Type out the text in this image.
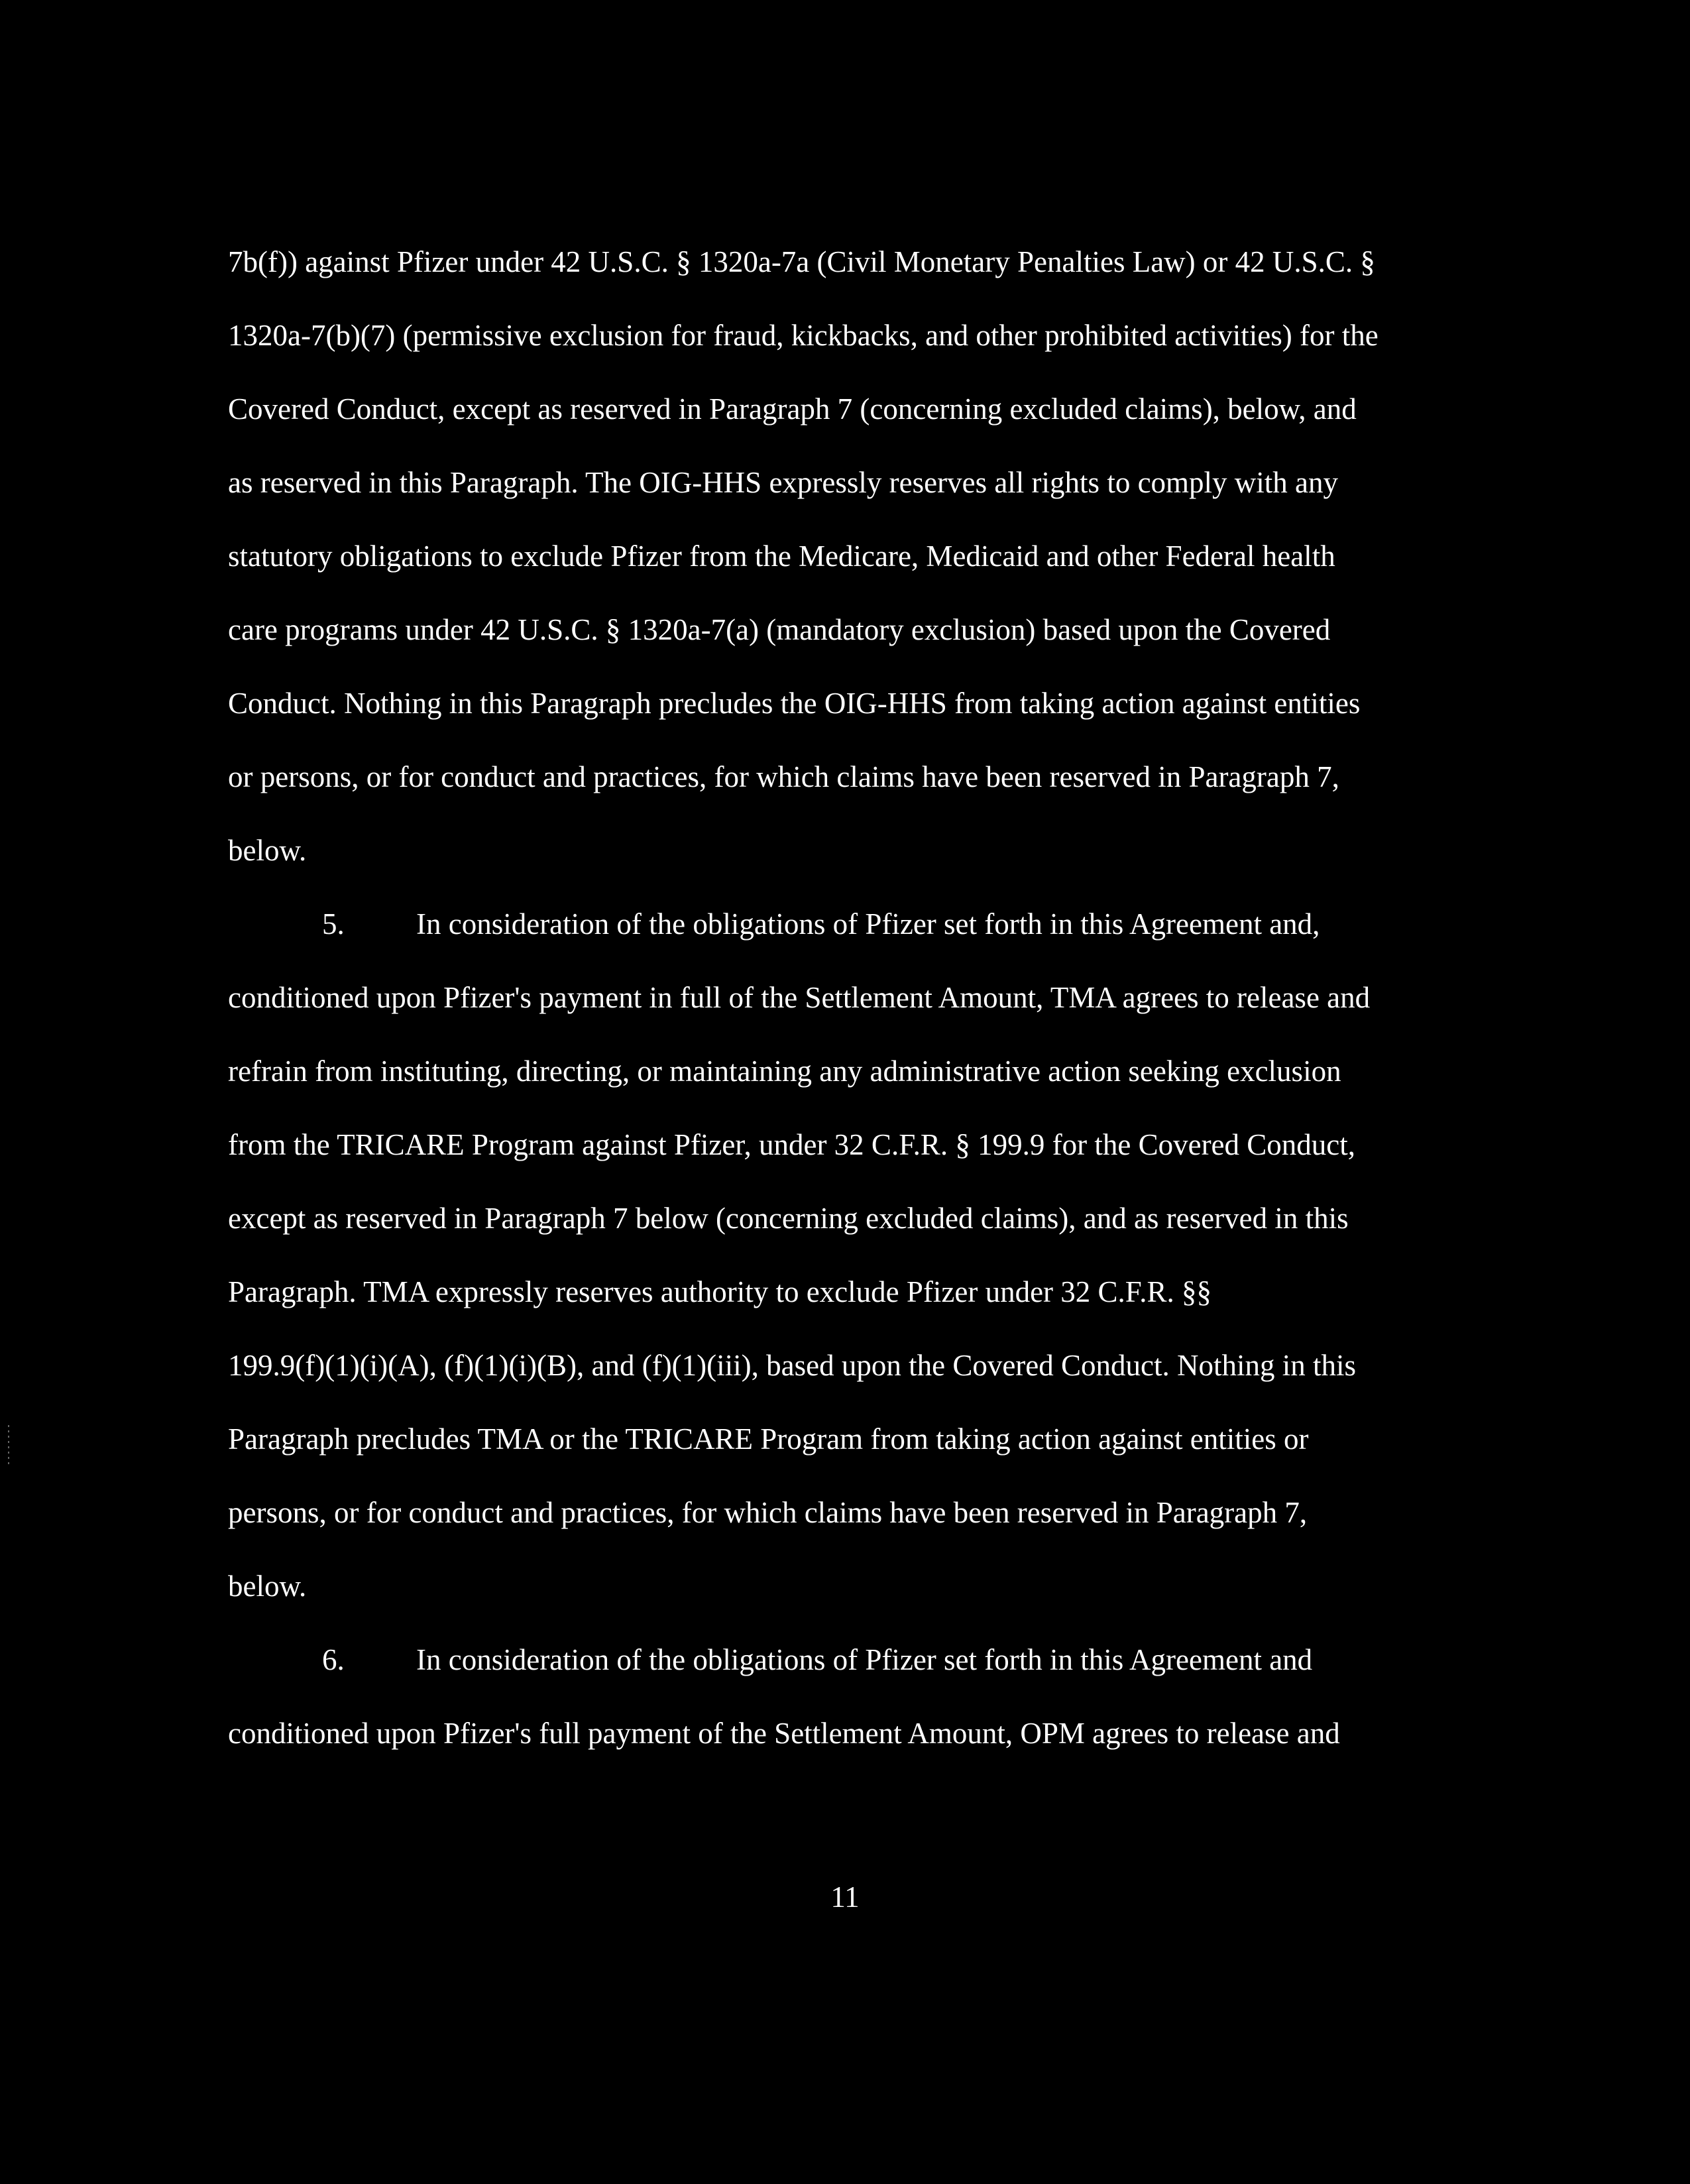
7b(f)) against Pfizer under 42 U.S.C. § 1320a-7a (Civil Monetary Penalties Law) or 42 U.S.C. §
1320a-7(b)(7) (permissive exclusion for fraud, kickbacks, and other prohibited activities) for the
Covered Conduct, except as reserved in Paragraph 7 (concerning excluded claims), below, and
as reserved in this Paragraph. The OIG-HHS expressly reserves all rights to comply with any
statutory obligations to exclude Pfizer from the Medicare, Medicaid and other Federal health
care programs under 42 U.S.C. § 1320a-7(a) (mandatory exclusion) based upon the Covered
Conduct. Nothing in this Paragraph precludes the OIG-HHS from taking action against entities
or persons, or for conduct and practices, for which claims have been reserved in Paragraph 7,
below.
5. In consideration of the obligations of Pfizer set forth in this Agreement and,
conditioned upon Pfizer's payment in full of the Settlement Amount, TMA agrees to release and
refrain from instituting, directing, or maintaining any administrative action seeking exclusion
from the TRICARE Program against Pfizer, under 32 C.F.R. § 199.9 for the Covered Conduct,
except as reserved in Paragraph 7 below (concerning excluded claims), and as reserved in this
Paragraph. TMA expressly reserves authority to exclude Pfizer under 32 C.F.R. §§
199.9(f)(1)(i)(A), (f)(1)(i)(B), and (f)(1)(iii), based upon the Covered Conduct. Nothing in this
Paragraph precludes TMA or the TRICARE Program from taking action against entities or
persons, or for conduct and practices, for which claims have been reserved in Paragraph 7,
below.
6. In consideration of the obligations of Pfizer set forth in this Agreement and
conditioned upon Pfizer's full payment of the Settlement Amount, OPM agrees to release and
11
